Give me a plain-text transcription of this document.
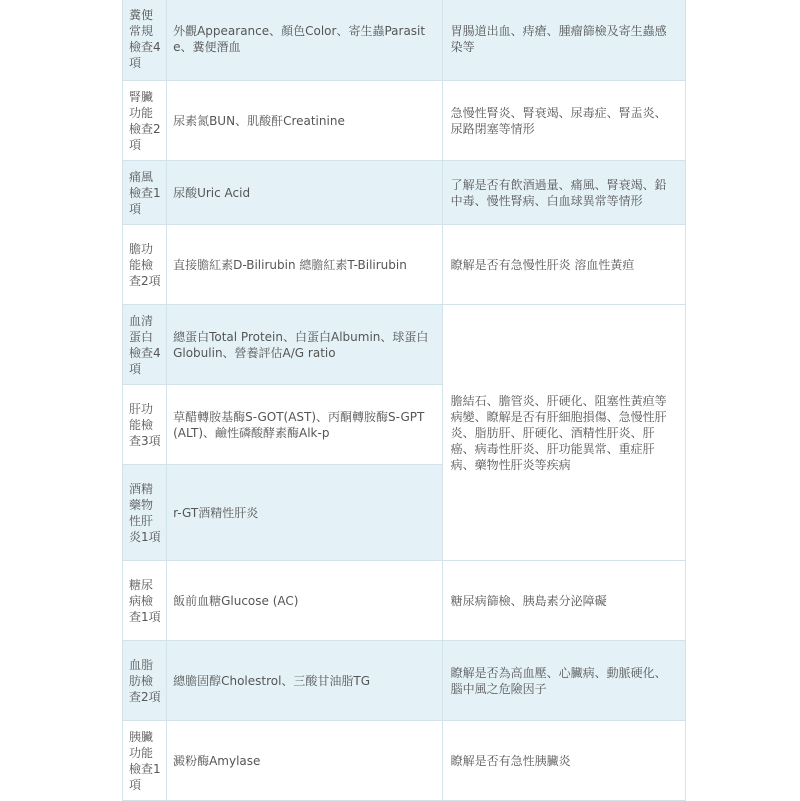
糞便常規檢查4項	外觀Appearance、顏色Color、寄生蟲Parasite、糞便潛血	胃腸道出血、痔瘡、腫瘤篩檢及寄生蟲感染等
腎臟功能檢查2項	尿素氮BUN、肌酸酐Creatinine	急慢性腎炎、腎衰竭、尿毒症、腎盂炎、尿路閉塞等情形
痛風檢查1項	尿酸Uric Acid	了解是否有飲酒過量、痛風、腎衰竭、鉛中毒、慢性腎病、白血球異常等情形
膽功能檢查2項	直接膽紅素D-Bilirubin 總膽紅素T-Bilirubin	瞭解是否有急慢性肝炎 溶血性黃疸
血清蛋白檢查4項	總蛋白Total Protein、白蛋白Albumin、球蛋白Globulin、營養評估A/G ratio	膽結石、膽管炎、肝硬化、阻塞性黃疸等病變、瞭解是否有肝細胞損傷、急慢性肝炎、脂肪肝、肝硬化、酒精性肝炎、肝癌、病毒性肝炎、肝功能異常、重症肝病、藥物性肝炎等疾病
肝功能檢查3項	草醋轉胺基酶S-GOT(AST)、丙酮轉胺酶S-GPT(ALT)、鹼性磷酸酵素酶Alk-p	
酒精藥物性肝炎1項	r-GT酒精性肝炎	
糖尿病檢查1項	飯前血糖Glucose (AC)	糖尿病篩檢、胰島素分泌障礙
血脂肪檢查2項	總膽固醇Cholestrol、三酸甘油脂TG	瞭解是否為高血壓、心臟病、動脈硬化、腦中風之危險因子
胰臟功能檢查1項	澱粉酶Amylase	瞭解是否有急性胰臟炎
